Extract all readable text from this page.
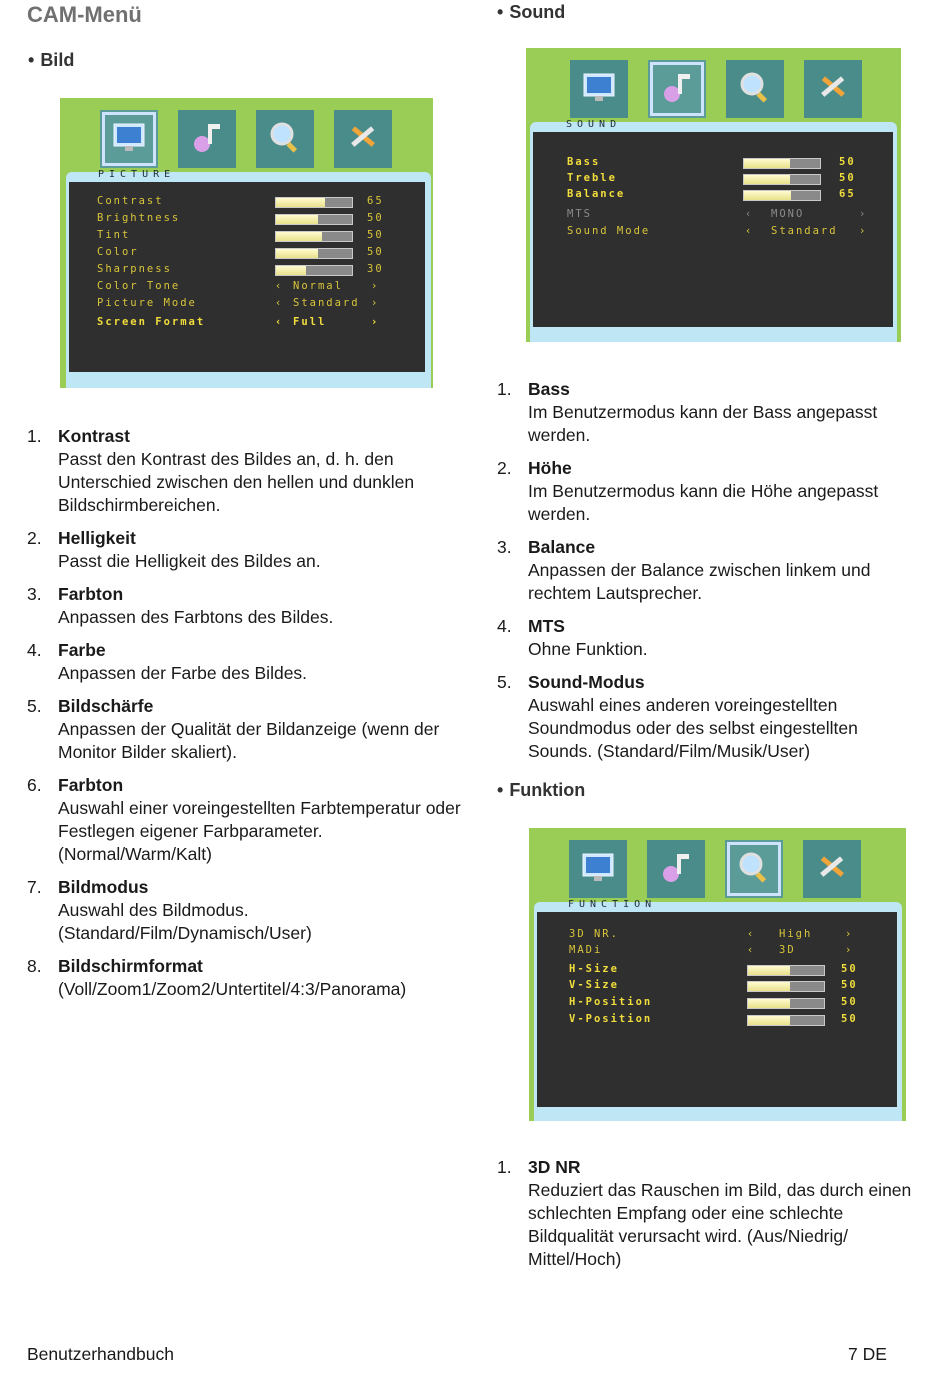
CAM-Menü
• Bild
• Sound
• Funktion
PICTURE
Contrast	65
Brightness	50
Tint	50
Color	50
Sharpness	30
Color Tone	‹ Normal	›
Picture Mode	‹ Standard ›
Screen Format	‹ Full	›
SOUND
Bass	50
Treble	50
Balance	65
MTS	‹ MONO	›
Sound Mode	‹ Standard ›
FUNCTION
3D NR.	‹ High	›
MADi	‹ 3D	›
H-Size	50
V-Size	50
H-Position	50
V-Position	50
1. Kontrast
Passt den Kontrast des Bildes an, d. h. den Unterschied zwischen den hellen und dunklen Bildschirmbereichen.
2. Helligkeit
Passt die Helligkeit des Bildes an.
3. Farbton
Anpassen des Farbtons des Bildes.
4. Farbe
Anpassen der Farbe des Bildes.
5. Bildschärfe
Anpassen der Qualität der Bildanzeige (wenn der Monitor Bilder skaliert).
6. Farbton
Auswahl einer voreingestellten Farbtemperatur oder Festlegen eigener Farbparameter. (Normal/Warm/Kalt)
7. Bildmodus
Auswahl des Bildmodus. (Standard/Film/Dynamisch/User)
8. Bildschirmformat
(Voll/Zoom1/Zoom2/Untertitel/4:3/Panorama)
1. Bass
Im Benutzermodus kann der Bass angepasst werden.
2. Höhe
Im Benutzermodus kann die Höhe angepasst werden.
3. Balance
Anpassen der Balance zwischen linkem und rechtem Lautsprecher.
4. MTS
Ohne Funktion.
5. Sound-Modus
Auswahl eines anderen voreingestellten Soundmodus oder des selbst eingestellten Sounds. (Standard/Film/Musik/User)
1. 3D NR
Reduziert das Rauschen im Bild, das durch einen schlechten Empfang oder eine schlechte Bildqualität verursacht wird. (Aus/Niedrig/ Mittel/Hoch)
Benutzerhandbuch	7 DE
